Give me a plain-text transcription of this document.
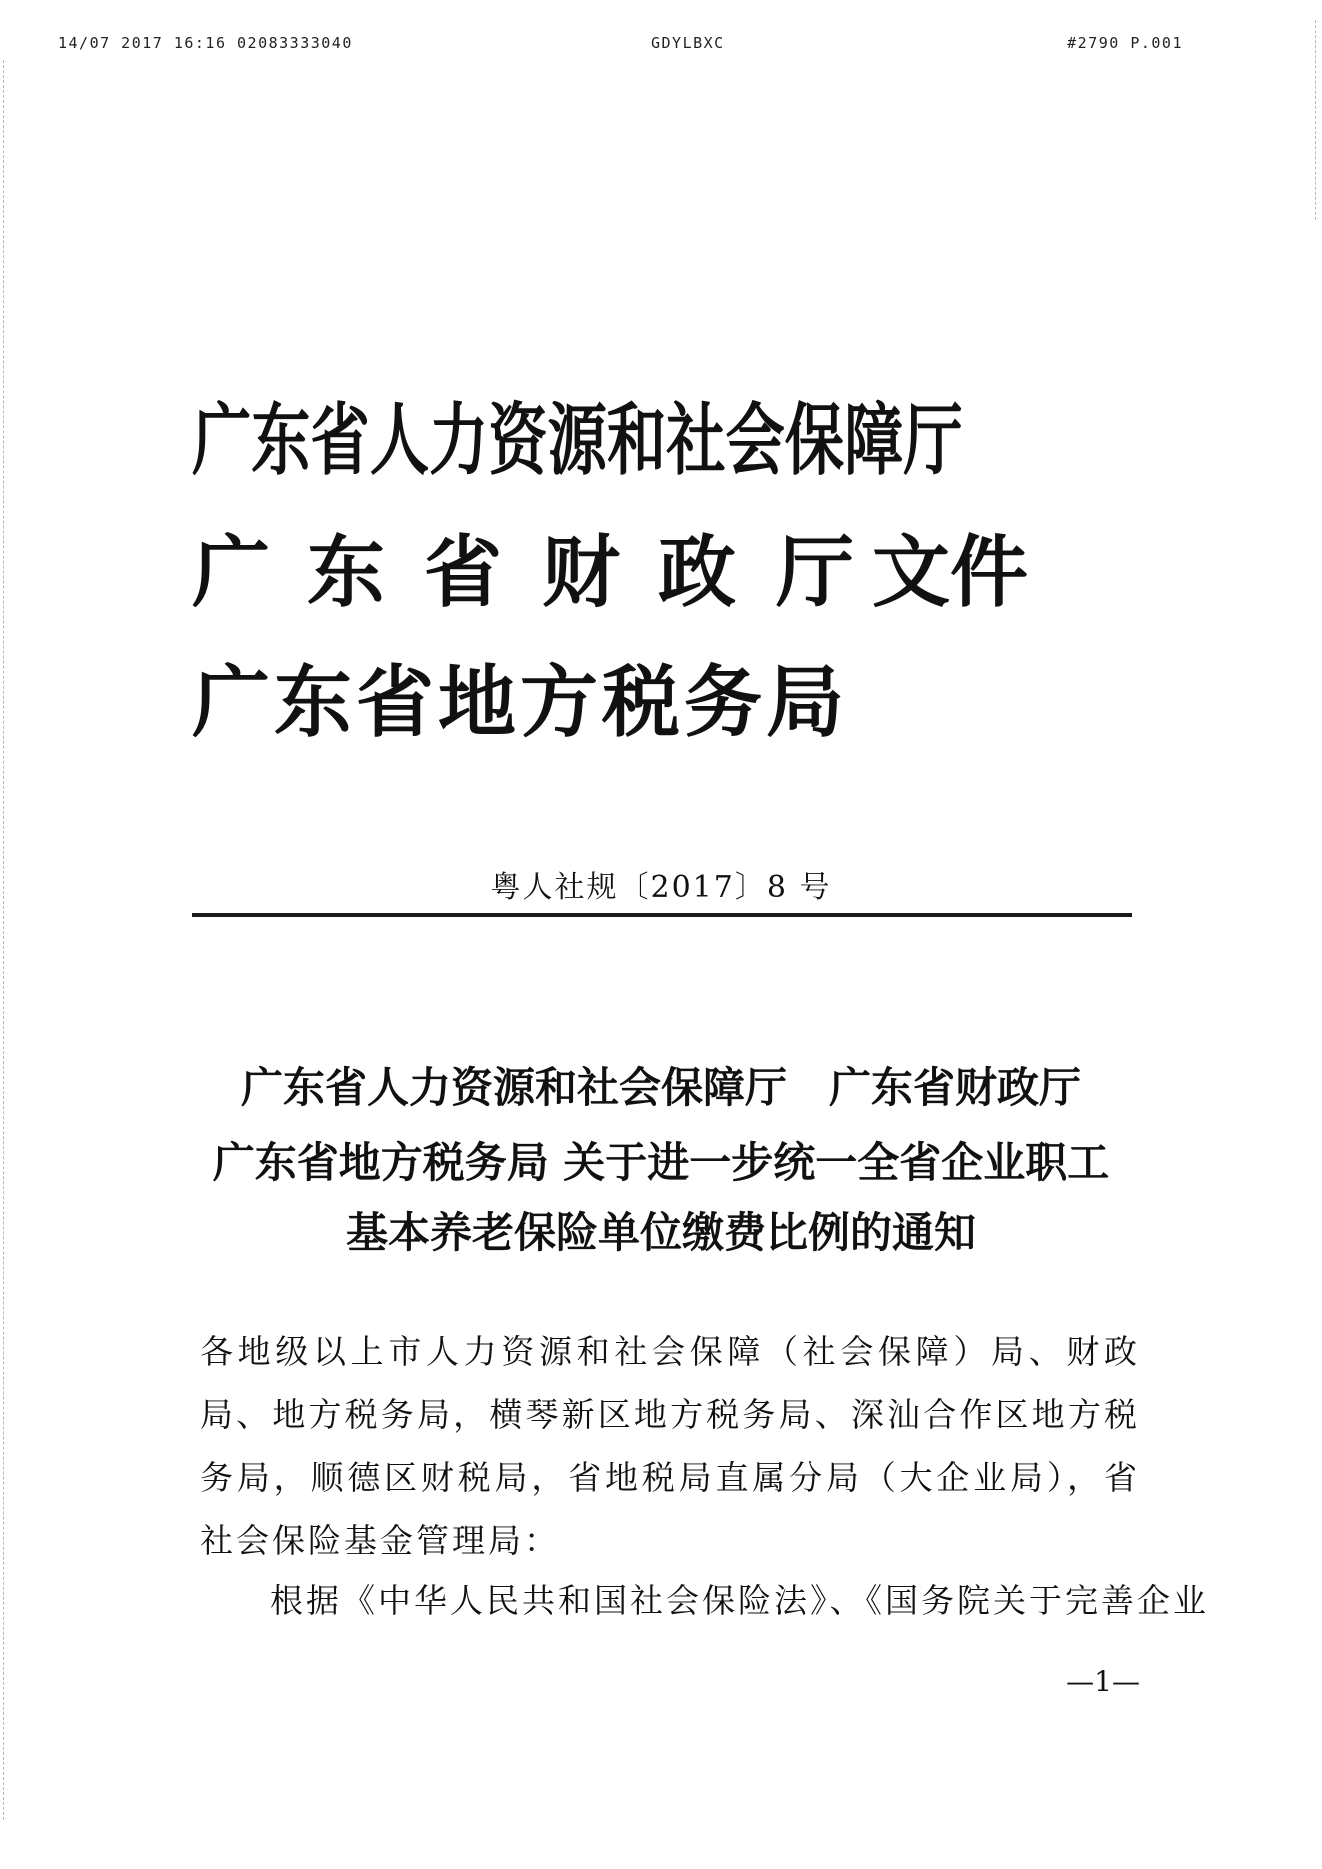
14/07 2017 16:16 02083333040	GDYLBXC	#2790 P.001
广东省人力资源和社会保障厅
广 东 省 财 政 厅 文件
广 东 省 地 方 税 务 局
粤人社规〔2017〕8 号
广东省人力资源和社会保障厅　广东省财政厅
广东省地方税务局 关于进一步统一全省企业职工
基本养老保险单位缴费比例的通知
各地级以上市人力资源和社会保障（社会保障）局、财政局、地方税务局，横琴新区地方税务局、深汕合作区地方税务局，顺德区财税局，省地税局直属分局（大企业局），省社会保险基金管理局：
根据《中华人民共和国社会保险法》、《国务院关于完善企业
—1—
